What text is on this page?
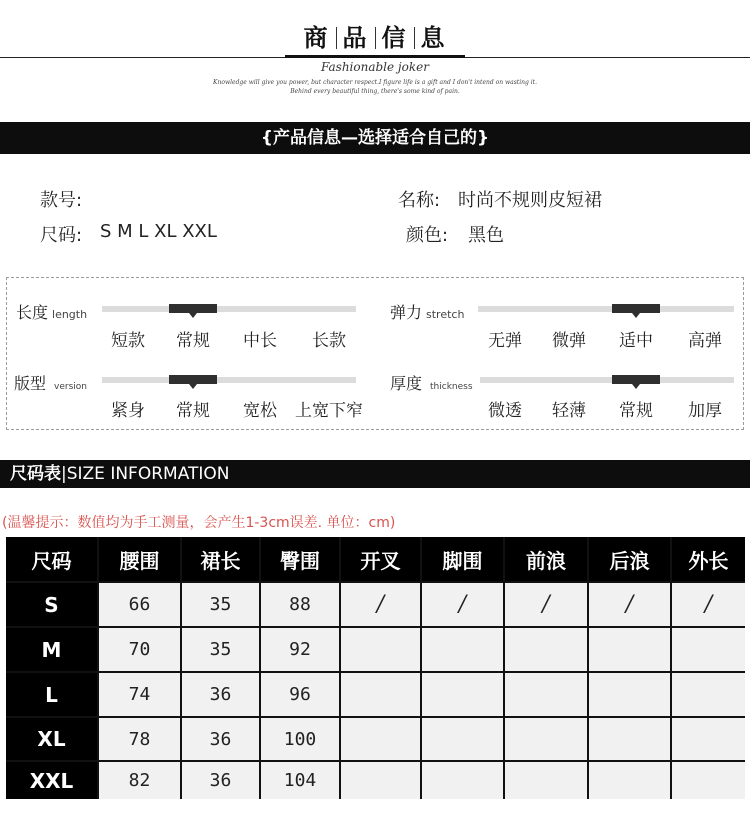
商 品 信 息
Fashionable joker
Knowledge will give you power, but character respect.I figure life is a gift and I don't intend on wasting it.
Behind every beautiful thing, there's some kind of pain.
{产品信息—选择适合自己的}
款号:	名称: 时尚不规则皮短裙
尺码: S M L XL XXL	颜色: 黑色
长度 length
短款	常规	中长	长款
弹力 stretch
无弹	微弹	适中	高弹
版型 version
紧身	常规	宽松	上宽下窄
厚度 thickness
微透	轻薄	常规	加厚
尺码表|SIZE INFORMATION
(温馨提示：数值均为手工测量，会产生1-3cm误差. 单位：cm)
尺码	腰围	裙长	臀围	开叉	脚围	前浪	后浪	外长
S	66	35	88	/	/	/	/	/
M	70	35	92
L	74	36	96
XL	78	36	100
XXL	82	36	104
